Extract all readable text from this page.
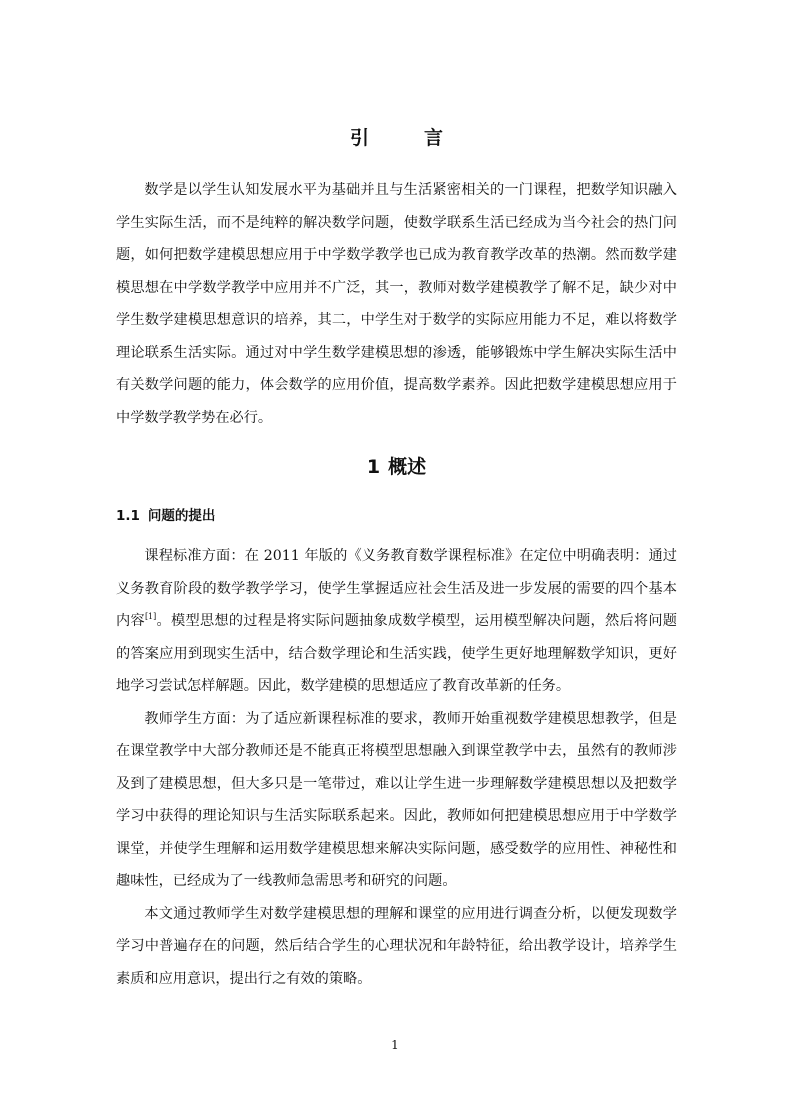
引　言

数学是以学生认知发展水平为基础并且与生活紧密相关的一门课程，把数学知识融入学生实际生活，而不是纯粹的解决数学问题，使数学联系生活已经成为当今社会的热门问题，如何把数学建模思想应用于中学数学教学也已成为教育教学改革的热潮。然而数学建模思想在中学数学教学中应用并不广泛，其一，教师对数学建模教学了解不足，缺少对中学生数学建模思想意识的培养，其二，中学生对于数学的实际应用能力不足，难以将数学理论联系生活实际。通过对中学生数学建模思想的渗透，能够锻炼中学生解决实际生活中有关数学问题的能力，体会数学的应用价值，提高数学素养。因此把数学建模思想应用于中学数学教学势在必行。

1 概述
1.1 问题的提出

课程标准方面：在 2011 年版的《义务教育数学课程标准》在定位中明确表明：通过义务教育阶段的数学教学学习，使学生掌握适应社会生活及进一步发展的需要的四个基本内容[1]。模型思想的过程是将实际问题抽象成数学模型，运用模型解决问题，然后将问题的答案应用到现实生活中，结合数学理论和生活实践，使学生更好地理解数学知识，更好地学习尝试怎样解题。因此，数学建模的思想适应了教育改革新的任务。

教师学生方面：为了适应新课程标准的要求，教师开始重视数学建模思想教学，但是在课堂教学中大部分教师还是不能真正将模型思想融入到课堂教学中去，虽然有的教师涉及到了建模思想，但大多只是一笔带过，难以让学生进一步理解数学建模思想以及把数学学习中获得的理论知识与生活实际联系起来。因此，教师如何把建模思想应用于中学数学课堂，并使学生理解和运用数学建模思想来解决实际问题，感受数学的应用性、神秘性和趣味性，已经成为了一线教师急需思考和研究的问题。

本文通过教师学生对数学建模思想的理解和课堂的应用进行调查分析，以便发现数学学习中普遍存在的问题，然后结合学生的心理状况和年龄特征，给出教学设计，培养学生素质和应用意识，提出行之有效的策略。

1
